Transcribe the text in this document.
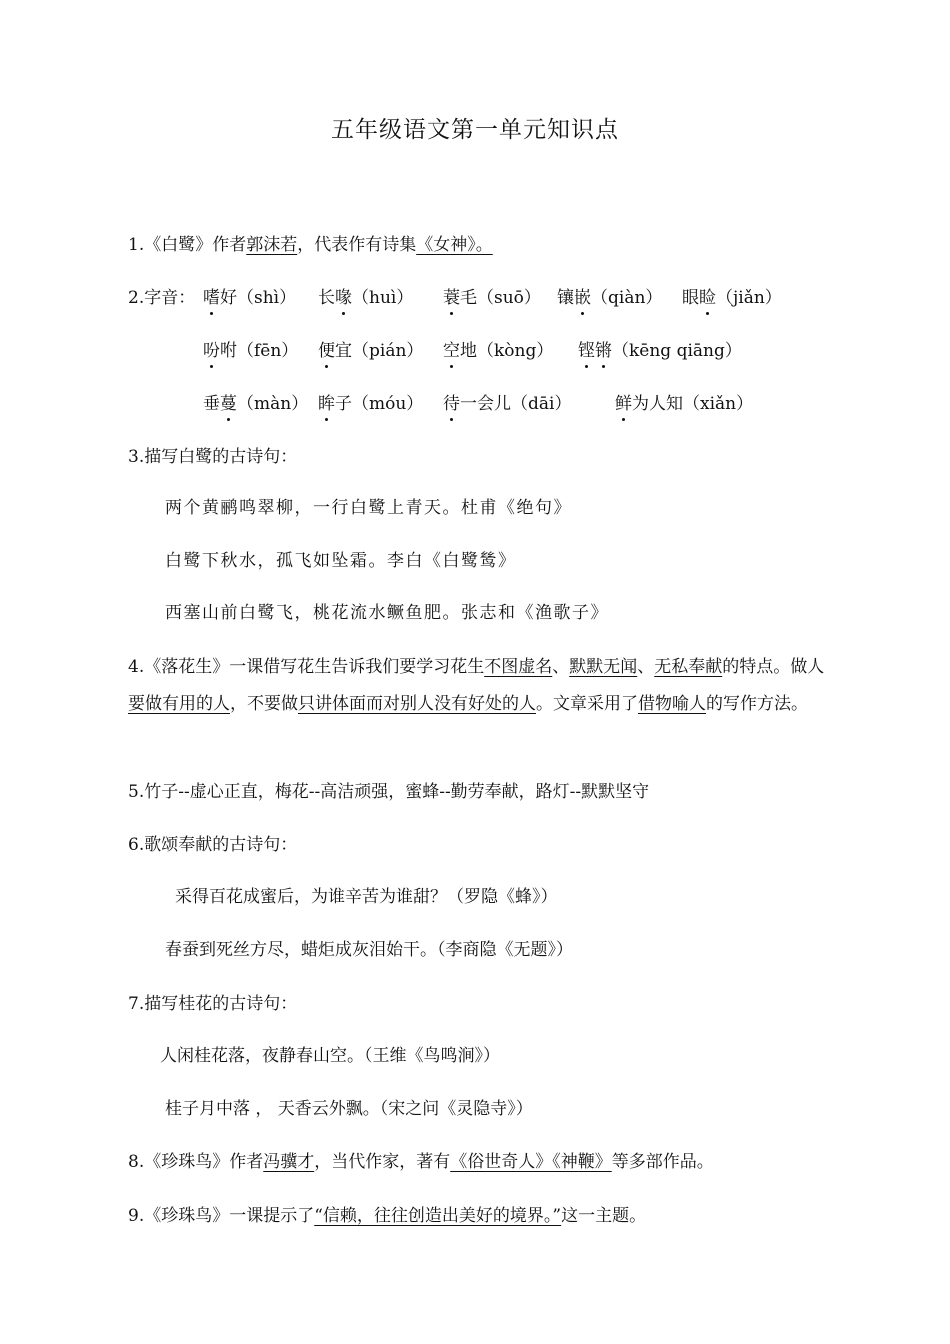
五年级语文第一单元知识点
1.《白鹭》作者郭沫若，代表作有诗集《女神》。
2.字音： 嗜好（shì） 长喙（huì） 蓑毛（suō） 镶嵌（qiàn） 眼睑（jiǎn）
吩咐（fēn） 便宜（pián） 空地（kòng） 铿锵（kēng qiāng）
垂蔓（màn） 眸子（móu） 待一会儿（dāi）	鲜为人知（xiǎn）
3.描写白鹭的古诗句：
两个黄鹂鸣翠柳，一行白鹭上青天。杜甫《绝句》
白鹭下秋水，孤飞如坠霜。李白《白鹭鸶》
西塞山前白鹭飞，桃花流水鳜鱼肥。张志和《渔歌子》
4.《落花生》一课借写花生告诉我们要学习花生不图虚名、默默无闻、无私奉献的特点。做人要做有用的人，不要做只讲体面而对别人没有好处的人。文章采用了借物喻人的写作方法。
5.竹子--虚心正直，梅花--高洁顽强，蜜蜂--勤劳奉献，路灯--默默坚守
6.歌颂奉献的古诗句：
采得百花成蜜后，为谁辛苦为谁甜？（罗隐《蜂》）
春蚕到死丝方尽，蜡炬成灰泪始干。（李商隐《无题》）
7.描写桂花的古诗句：
人闲桂花落，夜静春山空。（王维《鸟鸣涧》）
桂子月中落 ， 天香云外飘。（宋之问《灵隐寺》）
8.《珍珠鸟》作者冯骥才，当代作家，著有《俗世奇人》《神鞭》等多部作品。
9.《珍珠鸟》一课提示了“信赖，往往创造出美好的境界。”这一主题。
